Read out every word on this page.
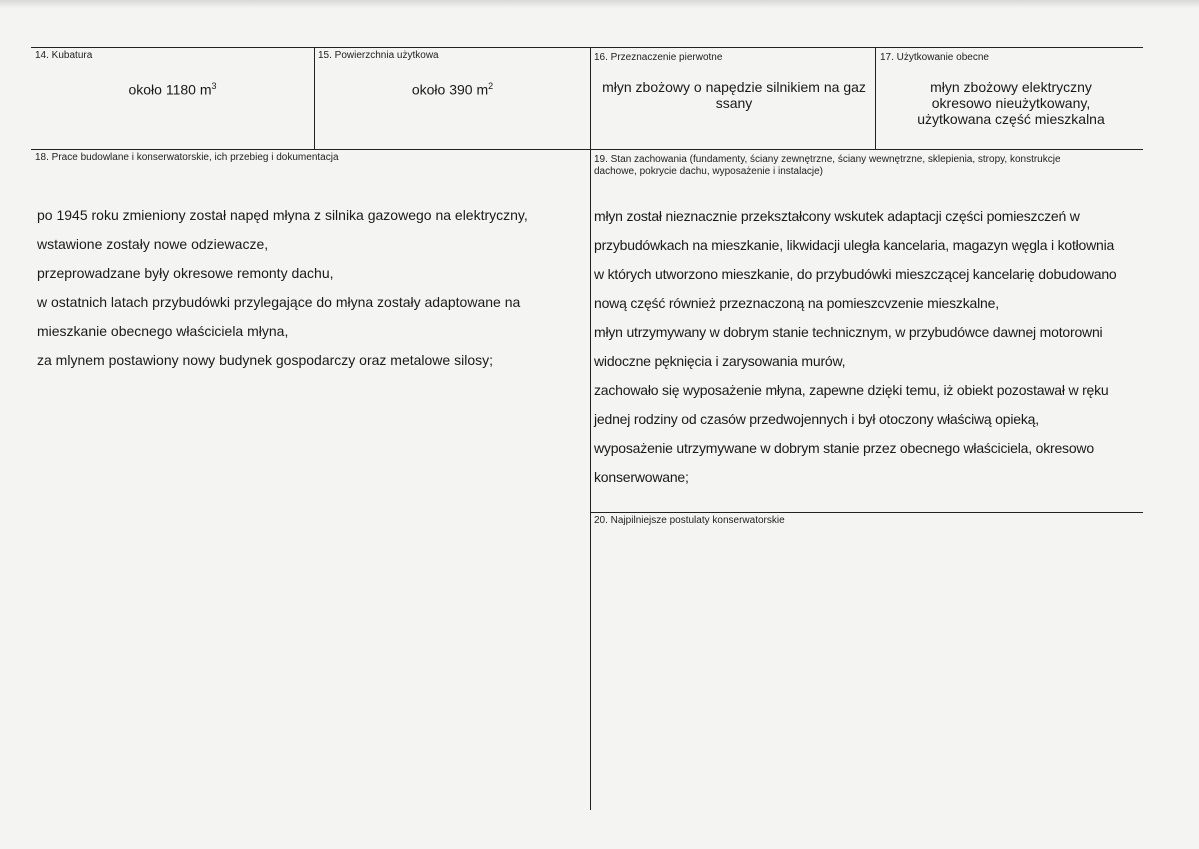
14. Kubatura
około 1180 $m^3$
15. Powierzchnia użytkowa
około 390 $m^2$
16. Przeznaczenie pierwotne
młyn zbożowy o napędzie silnikiem na gaz ssany
17. Użytkowanie obecne
młyn zbożowy elektryczny
okresowo nieużytkowany,
użytkowana część mieszkalna
18. Prace budowlane i konserwatorskie, ich przebieg i dokumentacja

po 1945 roku zmieniony został napęd młyna z silnika gazowego na elektryczny,

wstawione zostały nowe odziewacze,

przeprowadzane były okresowe remonty dachu,

w ostatnich latach przybudówki przylegające do młyna zostały adaptowane na

mieszkanie obecnego właściciela młyna,

za mlynem postawiony nowy budynek gospodarczy oraz metalowe silosy;

19. Stan zachowania (fundamenty, ściany zewnętrzne, ściany wewnętrzne, sklepienia, stropy, konstrukcje
dachowe, pokrycie dachu, wyposażenie i instalacje)

młyn został nieznacznie przekształcony wskutek adaptacji części pomieszczeń w

przybudówkach na mieszkanie, likwidacji uległa kancelaria, magazyn węgla i kotłownia

w których utworzono mieszkanie, do przybudówki mieszczącej kancelarię dobudowano

nową część również przeznaczoną na pomieszcvzenie mieszkalne,

młyn utrzymywany w dobrym stanie technicznym, w przybudówce dawnej motorowni

widoczne pęknięcia i zarysowania murów,

zachowało się wyposażenie młyna, zapewne dzięki temu, iż obiekt pozostawał w ręku

jednej rodziny od czasów przedwojennych i był otoczony właściwą opieką,

wyposażenie utrzymywane w dobrym stanie przez obecnego właściciela, okresowo

konserwowane;

20. Najpilniejsze postulaty konserwatorskie
